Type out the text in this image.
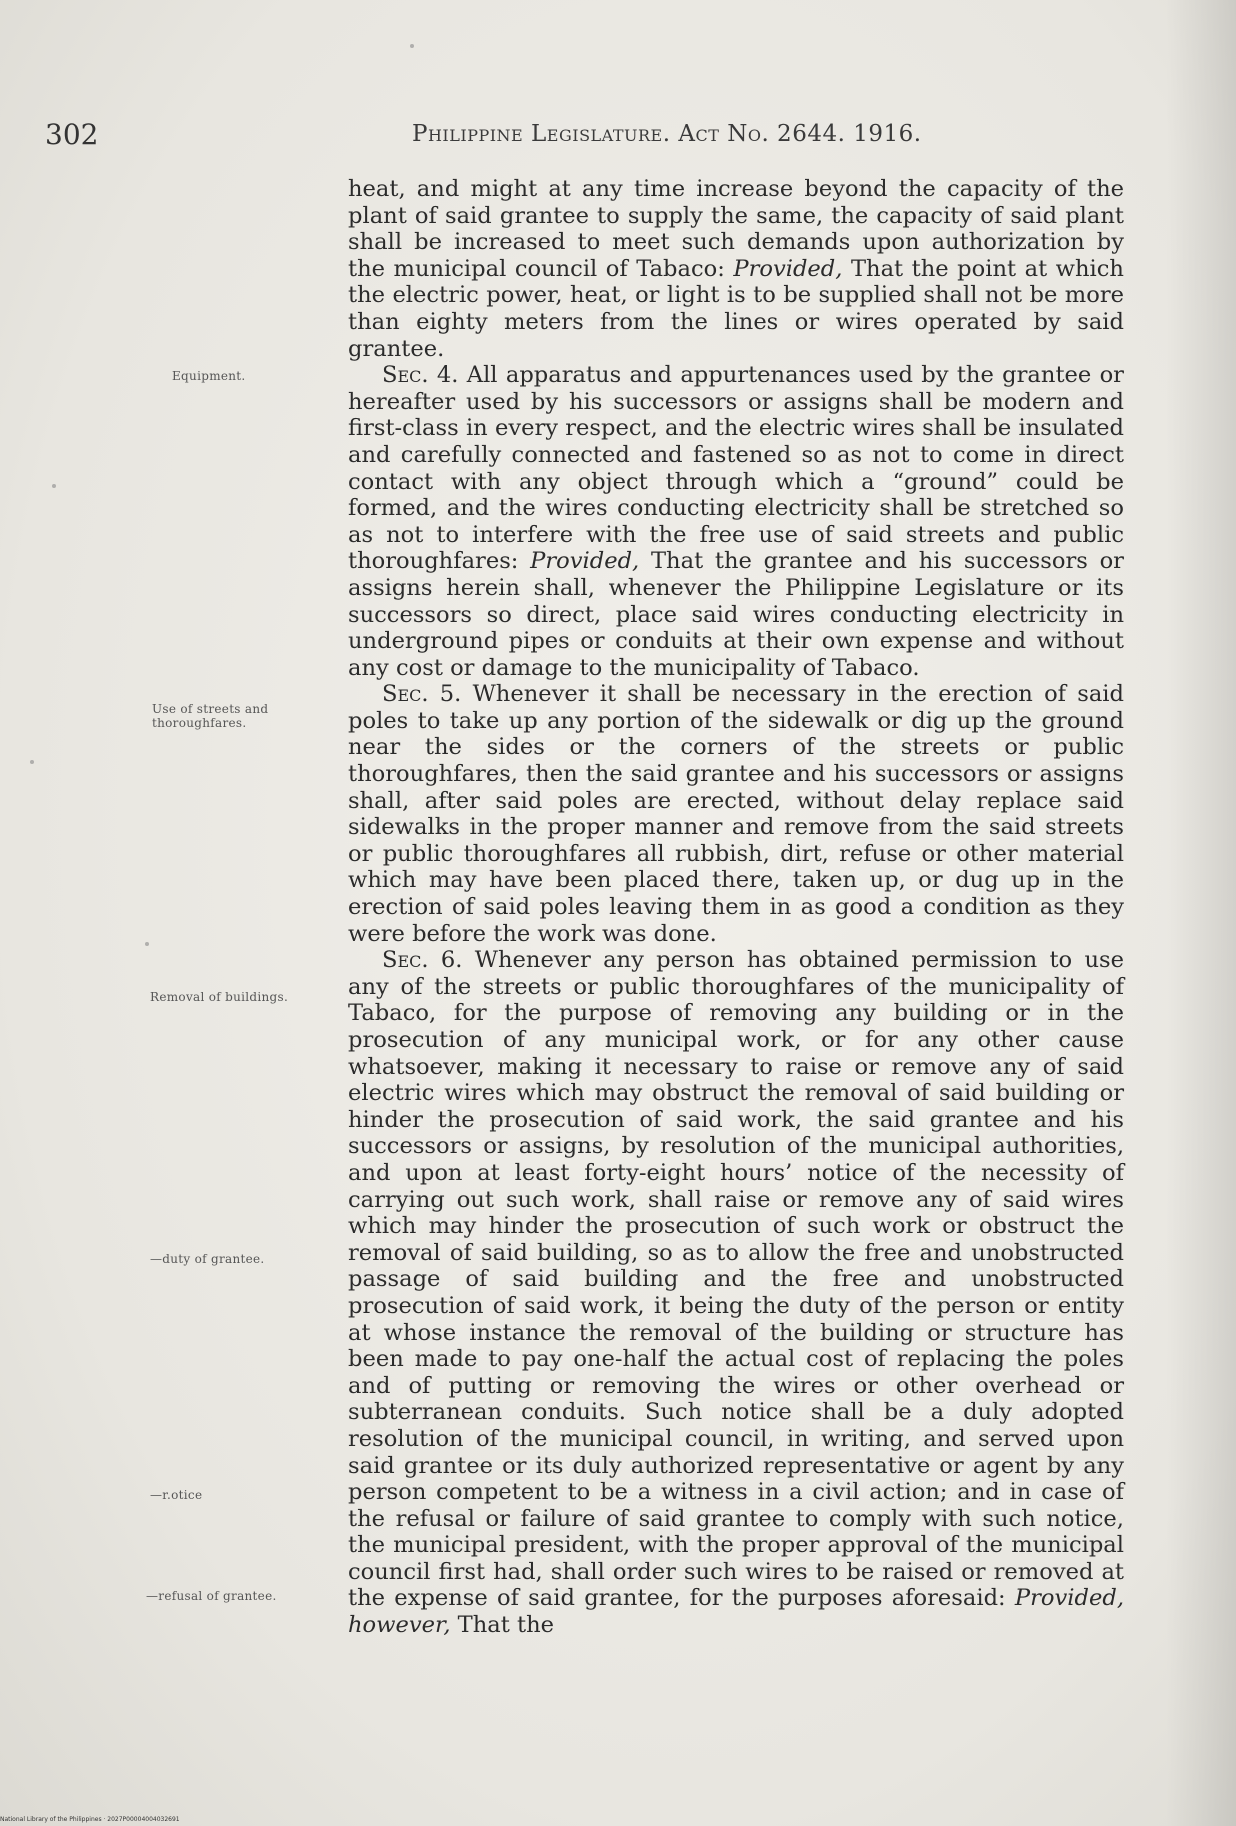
302	Philippine Legislature. Act No. 2644. 1916.
Equipment.
Use of streets and thoroughfares.
Removal of buildings.
—duty of grantee.
—r.otice
—refusal of grantee.

heat, and might at any time increase beyond the capacity of the plant of said grantee to supply the same, the capacity of said plant shall be increased to meet such demands upon authorization by the municipal council of Tabaco: Provided, That the point at which the electric power, heat, or light is to be supplied shall not be more than eighty meters from the lines or wires operated by said grantee.

Sec. 4. All apparatus and appurtenances used by the grantee or hereafter used by his successors or assigns shall be modern and first-class in every respect, and the electric wires shall be insulated and carefully connected and fastened so as not to come in direct contact with any object through which a “ground” could be formed, and the wires conducting electricity shall be stretched so as not to interfere with the free use of said streets and public thoroughfares: Provided, That the grantee and his successors or assigns herein shall, whenever the Philippine Legislature or its successors so direct, place said wires conducting electricity in underground pipes or conduits at their own expense and without any cost or damage to the municipality of Tabaco.

Sec. 5. Whenever it shall be necessary in the erection of said poles to take up any portion of the sidewalk or dig up the ground near the sides or the corners of the streets or public thoroughfares, then the said grantee and his successors or assigns shall, after said poles are erected, without delay replace said sidewalks in the proper manner and remove from the said streets or public thoroughfares all rubbish, dirt, refuse or other material which may have been placed there, taken up, or dug up in the erection of said poles leaving them in as good a condition as they were before the work was done.

Sec. 6. Whenever any person has obtained permission to use any of the streets or public thoroughfares of the municipality of Tabaco, for the purpose of removing any building or in the prosecution of any municipal work, or for any other cause whatsoever, making it necessary to raise or remove any of said electric wires which may obstruct the removal of said building or hinder the prosecution of said work, the said grantee and his successors or assigns, by resolution of the municipal authorities, and upon at least forty-eight hours’ notice of the necessity of carrying out such work, shall raise or remove any of said wires which may hinder the prosecution of such work or obstruct the removal of said building, so as to allow the free and unobstructed passage of said building and the free and unobstructed prosecution of said work, it being the duty of the person or entity at whose instance the removal of the building or structure has been made to pay one-half the actual cost of replacing the poles and of putting or removing the wires or other overhead or subterranean conduits. Such notice shall be a duly adopted resolution of the municipal council, in writing, and served upon said grantee or its duly authorized representative or agent by any person competent to be a witness in a civil action; and in case of the refusal or failure of said grantee to comply with such notice, the municipal president, with the proper approval of the municipal council first had, shall order such wires to be raised or removed at the expense of said grantee, for the purposes aforesaid: Provided, however, That the

National Library of the Philippines · 2027P00004004032691
